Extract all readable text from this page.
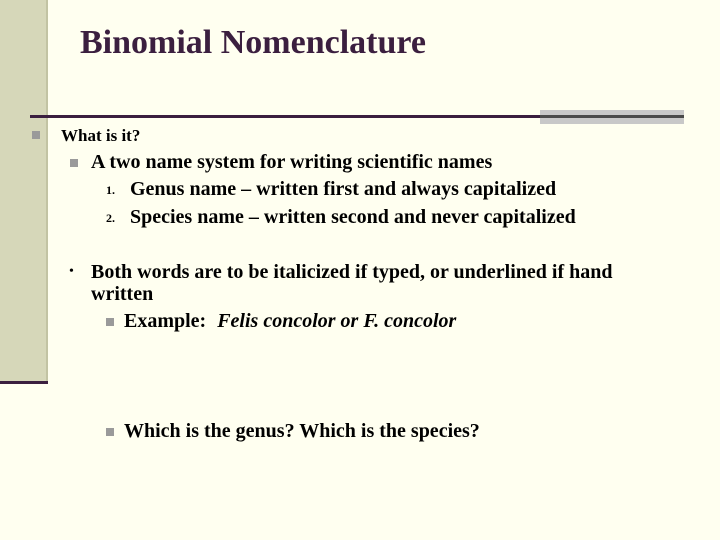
Binomial Nomenclature
What is it?
A two name system for writing scientific names
1. Genus name – written first and always capitalized
2. Species name – written second and never capitalized
• Both words are to be italicized if typed, or underlined if hand
written
Example: Felis concolor or F. concolor
Which is the genus? Which is the species?
